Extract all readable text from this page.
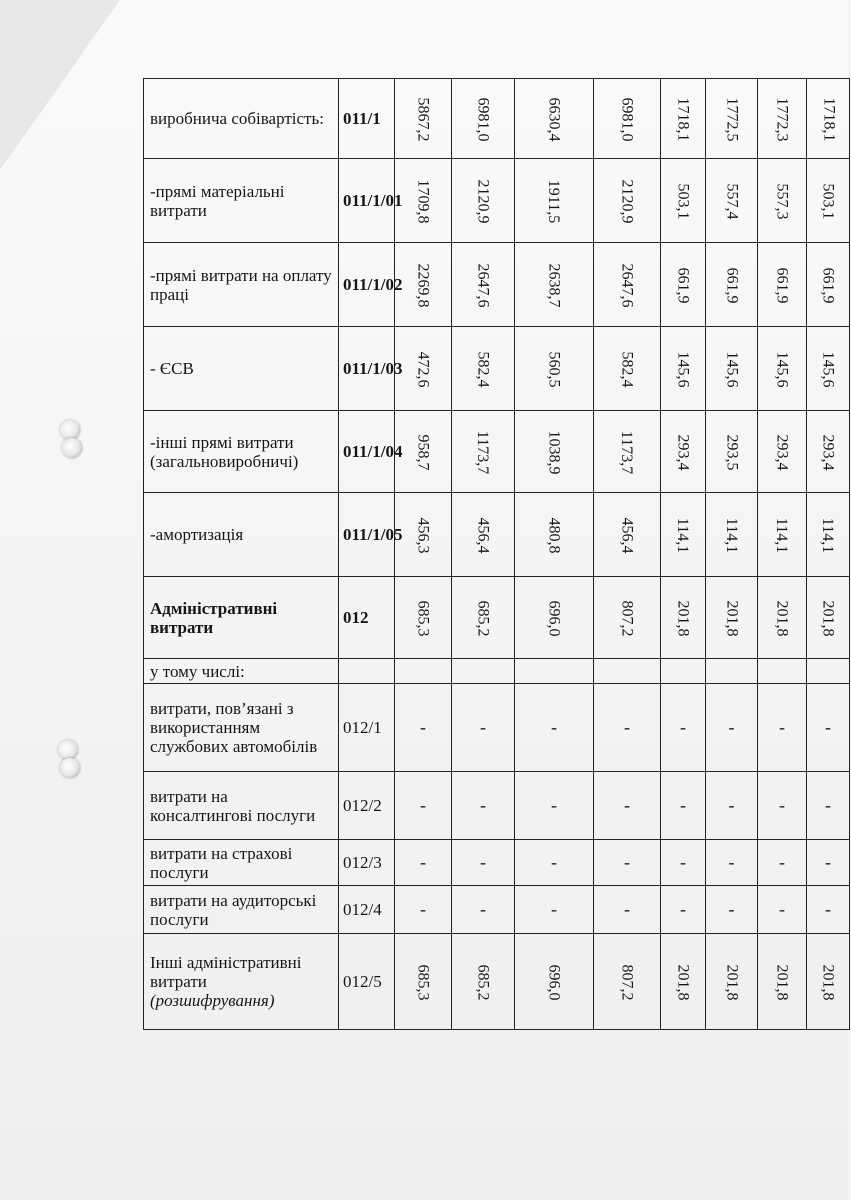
виробнича собівартість:	011/1	5867,2	6981,0	6630,4	6981,0	1718,1	1772,5	1772,3	1718,1
-прямі матеріальні витрати	011/1/01	1709,8	2120,9	1911,5	2120,9	503,1	557,4	557,3	503,1
-прямі витрати на оплату праці	011/1/02	2269,8	2647,6	2638,7	2647,6	661,9	661,9	661,9	661,9
- ЄСВ	011/1/03	472,6	582,4	560,5	582,4	145,6	145,6	145,6	145,6
-інші прямі витрати (загальновиробничі)	011/1/04	958,7	1173,7	1038,9	1173,7	293,4	293,5	293,4	293,4
-амортизація	011/1/05	456,3	456,4	480,8	456,4	114,1	114,1	114,1	114,1
Адміністративні витрати	012	685,3	685,2	696,0	807,2	201,8	201,8	201,8	201,8
у тому числі:									
витрати, пов’язані з використанням службових автомобілів	012/1	-	-	-	-	-	-	-	-
витрати на консалтингові послуги	012/2	-	-	-	-	-	-	-	-
витрати на страхові послуги	012/3	-	-	-	-	-	-	-	-
витрати на аудиторські послуги	012/4	-	-	-	-	-	-	-	-
Інші адміністративні витрати (розшифрування)	012/5	685,3	685,2	696,0	807,2	201,8	201,8	201,8	201,8
